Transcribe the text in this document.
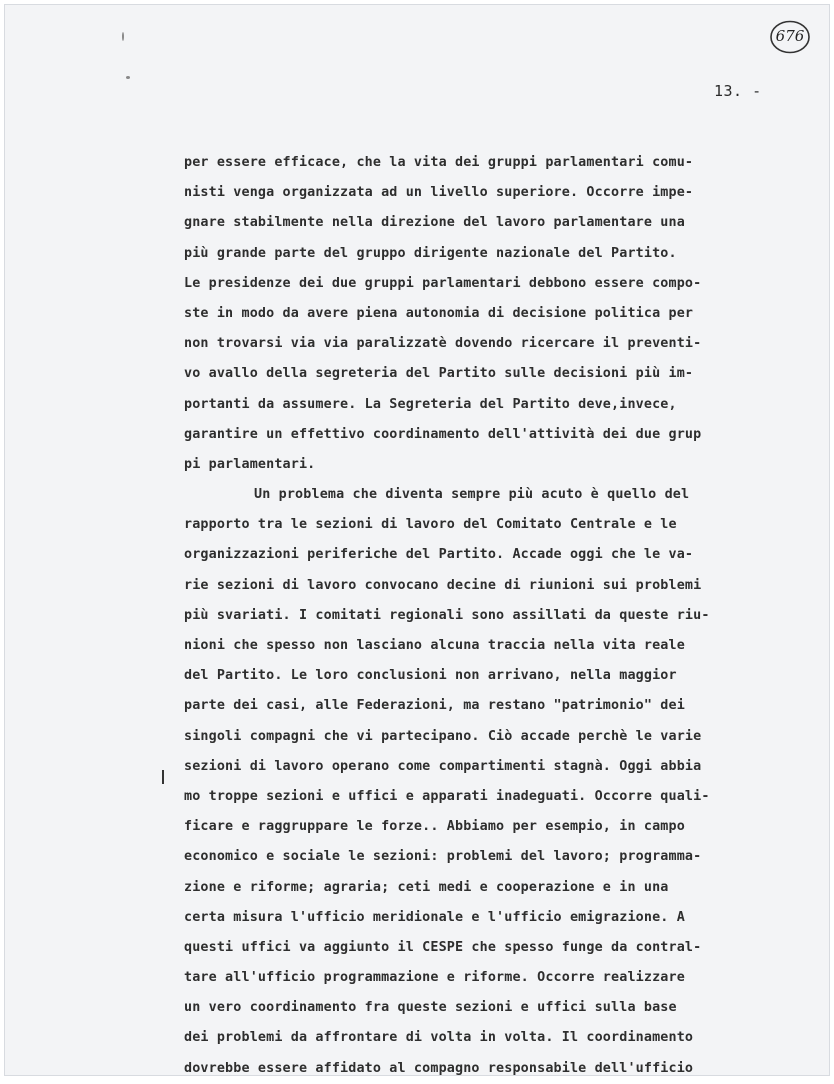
676
13. -
per essere efficace, che la vita dei gruppi parlamentari comu-
nisti venga organizzata ad un livello superiore. Occorre impe-
gnare stabilmente nella direzione del lavoro parlamentare una
più grande parte del gruppo dirigente nazionale del Partito.
Le presidenze dei due gruppi parlamentari debbono essere compo-
ste in modo da avere piena autonomia di decisione politica per
non trovarsi via via paralizzatè dovendo ricercare il preventi-
vo avallo della segreteria del Partito sulle decisioni più im-
portanti da assumere. La Segreteria del Partito deve,invece,
garantire un effettivo coordinamento dell'attività dei due grup
pi parlamentari.
Un problema che diventa sempre più acuto è quello del
rapporto tra le sezioni di lavoro del Comitato Centrale e le
organizzazioni periferiche del Partito. Accade oggi che le va-
rie sezioni di lavoro convocano decine di riunioni sui problemi
più svariati. I comitati regionali sono assillati da queste riu-
nioni che spesso non lasciano alcuna traccia nella vita reale
del Partito. Le loro conclusioni non arrivano, nella maggior
parte dei casi, alle Federazioni, ma restano "patrimonio" dei
singoli compagni che vi partecipano. Ciò accade perchè le varie
sezioni di lavoro operano come compartimenti stagnà. Oggi abbia
mo troppe sezioni e uffici e apparati inadeguati. Occorre quali-
ficare e raggruppare le forze.. Abbiamo per esempio, in campo
economico e sociale le sezioni: problemi del lavoro; programma-
zione e riforme; agraria; ceti medi e cooperazione e in una
certa misura l'ufficio meridionale e l'ufficio emigrazione. A
questi uffici va aggiunto il CESPE che spesso funge da contral-
tare all'ufficio programmazione e riforme. Occorre realizzare
un vero coordinamento fra queste sezioni e uffici sulla base
dei problemi da affrontare di volta in volta. Il coordinamento
dovrebbe essere affidato al compagno responsabile dell'ufficio
